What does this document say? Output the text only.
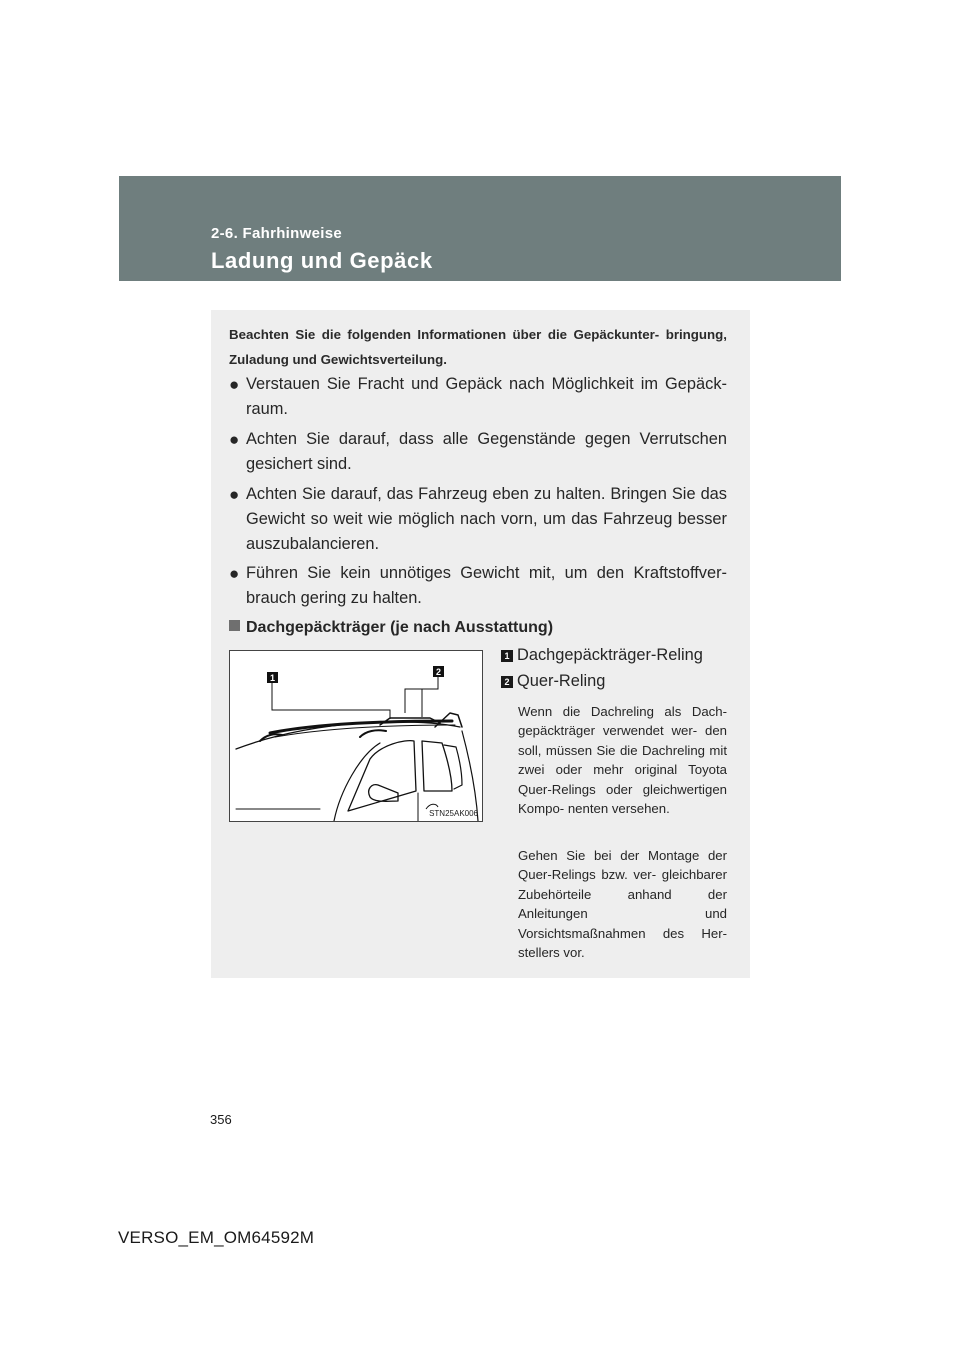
2-6. Fahrhinweise
Ladung und Gepäck
Beachten Sie die folgenden Informationen über die Gepäckunter- bringung, Zuladung und Gewichtsverteilung.
● Verstauen Sie Fracht und Gepäck nach Möglichkeit im Gepäck- raum.
● Achten Sie darauf, dass alle Gegenstände gegen Verrutschen gesichert sind.
● Achten Sie darauf, das Fahrzeug eben zu halten. Bringen Sie das Gewicht so weit wie möglich nach vorn, um das Fahrzeug besser auszubalancieren.
● Führen Sie kein unnötiges Gewicht mit, um den Kraftstoffver- brauch gering zu halten.
Dachgepäckträger (je nach Ausstattung)
1
2
STN25AK006
1 Dachgepäckträger-Reling
2 Quer-Reling
Wenn die Dachreling als Dach- gepäckträger verwendet wer- den soll, müssen Sie die Dachreling mit zwei oder mehr original Toyota Quer-Relings oder gleichwertigen Kompo- nenten versehen.
Gehen Sie bei der Montage der Quer-Relings bzw. ver- gleichbarer Zubehörteile anhand der Anleitungen und Vorsichtsmaßnahmen des Her- stellers vor.
356
VERSO_EM_OM64592M
